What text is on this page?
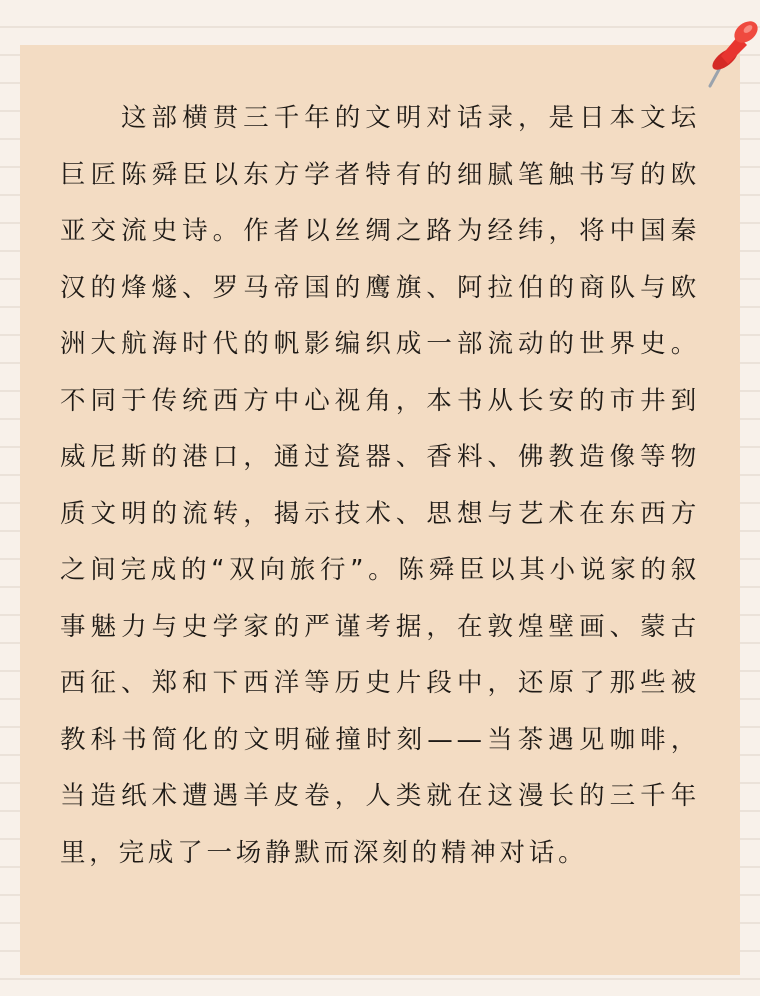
这部横贯三千年的文明对话录，是日本文坛巨匠陈舜臣以东方学者特有的细腻笔触书写的欧亚交流史诗。作者以丝绸之路为经纬，将中国秦汉的烽燧、罗马帝国的鹰旗、阿拉伯的商队与欧洲大航海时代的帆影编织成一部流动的世界史。不同于传统西方中心视角，本书从长安的市井到威尼斯的港口，通过瓷器、香料、佛教造像等物质文明的流转，揭示技术、思想与艺术在东西方之间完成的“双向旅行”。陈舜臣以其小说家的叙事魅力与史学家的严谨考据，在敦煌壁画、蒙古西征、郑和下西洋等历史片段中，还原了那些被教科书简化的文明碰撞时刻——当茶遇见咖啡，当造纸术遭遇羊皮卷，人类就在这漫长的三千年里，完成了一场静默而深刻的精神对话。
